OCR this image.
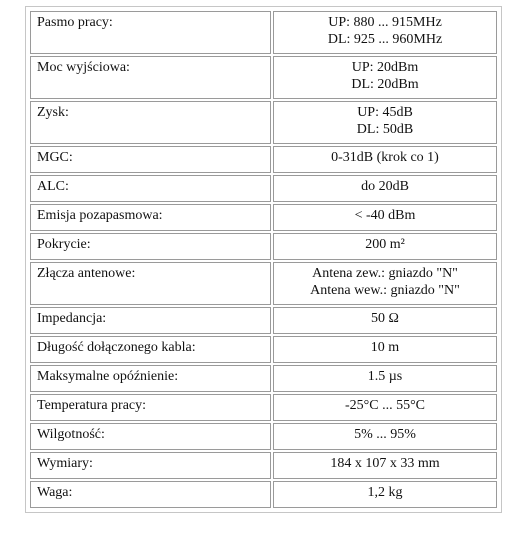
Pasmo pracy:	UP: 880 ... 915MHz
DL: 925 ... 960MHz

Moc wyjściowa:	UP: 20dBm
DL: 20dBm

Zysk:	UP: 45dB
DL: 50dB

MGC:	0-31dB (krok co 1)
ALC:	do 20dB
Emisja pozapasmowa:	< -40 dBm
Pokrycie:	200 m²
Złącza antenowe:	Antena zew.: gniazdo "N"
Antena wew.: gniazdo "N"

Impedancja:	50 Ω
Długość dołączonego kabla:	10 m
Maksymalne opóźnienie:	1.5 µs
Temperatura pracy:	-25°C ... 55°C
Wilgotność:	5% ... 95%
Wymiary:	184 x 107 x 33 mm
Waga:	1,2 kg
